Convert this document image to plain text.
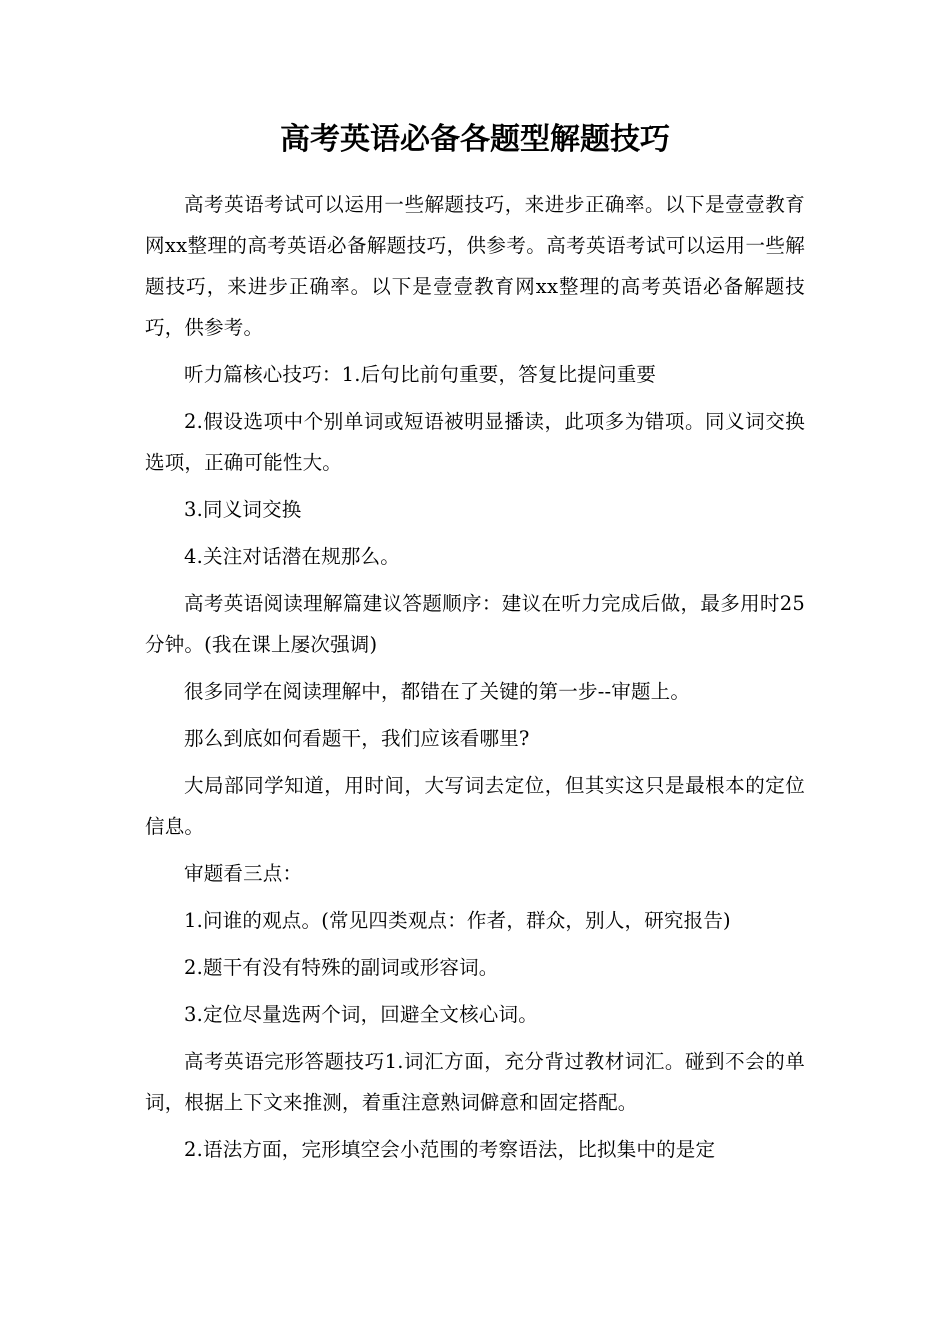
高考英语必备各题型解题技巧

高考英语考试可以运用一些解题技巧，来进步正确率。以下是壹壹教育网xx整理的高考英语必备解题技巧，供参考。高考英语考试可以运用一些解题技巧，来进步正确率。以下是壹壹教育网xx整理的高考英语必备解题技巧，供参考。

听力篇核心技巧：1.后句比前句重要，答复比提问重要

2.假设选项中个别单词或短语被明显播读，此项多为错项。同义词交换选项，正确可能性大。

3.同义词交换

4.关注对话潜在规那么。

高考英语阅读理解篇建议答题顺序：建议在听力完成后做，最多用时25分钟。(我在课上屡次强调)

很多同学在阅读理解中，都错在了关键的第一步--审题上。

那么到底如何看题干，我们应该看哪里?

大局部同学知道，用时间，大写词去定位，但其实这只是最根本的定位信息。

审题看三点：

1.问谁的观点。(常见四类观点：作者，群众，别人，研究报告)

2.题干有没有特殊的副词或形容词。

3.定位尽量选两个词，回避全文核心词。

高考英语完形答题技巧1.词汇方面，充分背过教材词汇。碰到不会的单词，根据上下文来推测，着重注意熟词僻意和固定搭配。

2.语法方面，完形填空会小范围的考察语法，比拟集中的是定
